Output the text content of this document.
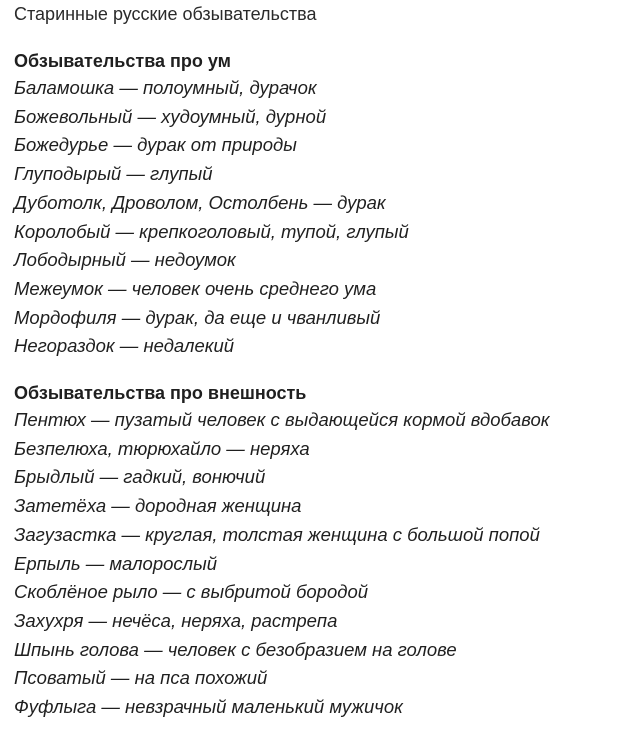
Старинные русские обзывательства
Обзывательства про ум
Баламошка — полоумный, дурачок
Божевольный — худоумный, дурной
Божедурье — дурак от природы
Глуподырый — глупый
Дуботолк, Дроволом, Остолбень — дурак
Королобый — крепкоголовый, тупой, глупый
Лободырный — недоумок
Межеумок — человек очень среднего ума
Мордофиля — дурак, да еще и чванливый
Негораздок — недалекий
Обзывательства про внешность
Пентюх — пузатый человек с выдающейся кормой вдобавок
Безпелюха, тюрюхайло — неряха
Брыдлый — гадкий, вонючий
Затетёха — дородная женщина
Загузастка — круглая, толстая женщина с большой попой
Ерпыль — малорослый
Скоблёное рыло — с выбритой бородой
Захухря — нечёса, неряха, растрепа
Шпынь голова — человек с безобразием на голове
Псоватый — на пса похожий
Фуфлыга — невзрачный маленький мужичок
